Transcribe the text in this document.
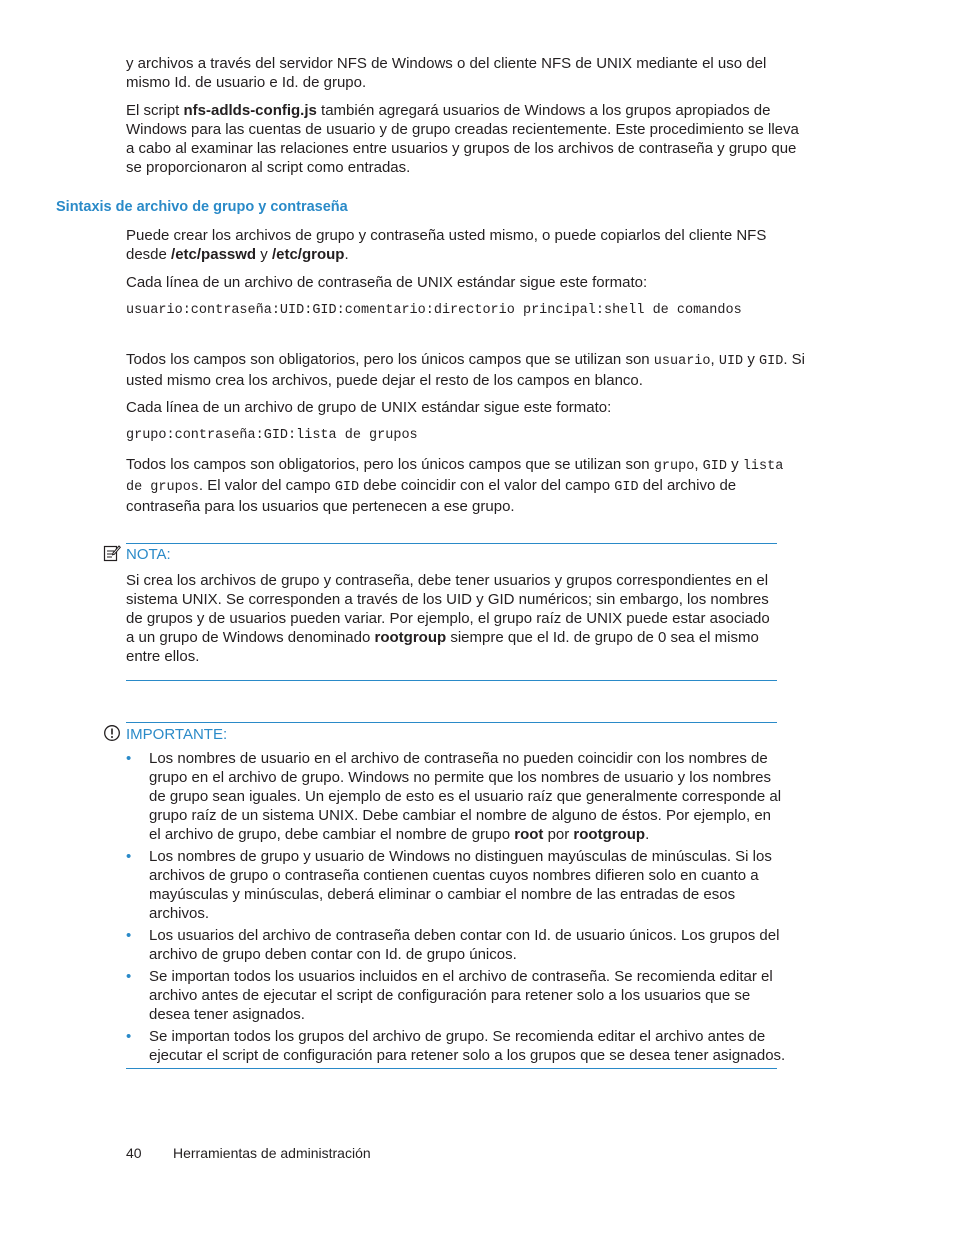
y archivos a través del servidor NFS de Windows o del cliente NFS de UNIX mediante el uso del mismo Id. de usuario e Id. de grupo.

El script nfs-adlds-config.js también agregará usuarios de Windows a los grupos apropiados de Windows para las cuentas de usuario y de grupo creadas recientemente. Este procedimiento se lleva a cabo al examinar las relaciones entre usuarios y grupos de los archivos de contraseña y grupo que se proporcionaron al script como entradas.

Sintaxis de archivo de grupo y contraseña

Puede crear los archivos de grupo y contraseña usted mismo, o puede copiarlos del cliente NFS desde /etc/passwd y /etc/group.

Cada línea de un archivo de contraseña de UNIX estándar sigue este formato:

usuario:contraseña:UID:GID:comentario:directorio principal:shell de comandos

Todos los campos son obligatorios, pero los únicos campos que se utilizan son usuario, UID y GID. Si usted mismo crea los archivos, puede dejar el resto de los campos en blanco.

Cada línea de un archivo de grupo de UNIX estándar sigue este formato:

grupo:contraseña:GID:lista de grupos

Todos los campos son obligatorios, pero los únicos campos que se utilizan son grupo, GID y lista de grupos. El valor del campo GID debe coincidir con el valor del campo GID del archivo de contraseña para los usuarios que pertenecen a ese grupo.

NOTA:

Si crea los archivos de grupo y contraseña, debe tener usuarios y grupos correspondientes en el sistema UNIX. Se corresponden a través de los UID y GID numéricos; sin embargo, los nombres de grupos y de usuarios pueden variar. Por ejemplo, el grupo raíz de UNIX puede estar asociado a un grupo de Windows denominado rootgroup siempre que el Id. de grupo de 0 sea el mismo entre ellos.

IMPORTANTE:
• Los nombres de usuario en el archivo de contraseña no pueden coincidir con los nombres de grupo en el archivo de grupo. Windows no permite que los nombres de usuario y los nombres de grupo sean iguales. Un ejemplo de esto es el usuario raíz que generalmente corresponde al grupo raíz de un sistema UNIX. Debe cambiar el nombre de alguno de éstos. Por ejemplo, en el archivo de grupo, debe cambiar el nombre de grupo root por rootgroup.
• Los nombres de grupo y usuario de Windows no distinguen mayúsculas de minúsculas. Si los archivos de grupo o contraseña contienen cuentas cuyos nombres difieren solo en cuanto a mayúsculas y minúsculas, deberá eliminar o cambiar el nombre de las entradas de esos archivos.
• Los usuarios del archivo de contraseña deben contar con Id. de usuario únicos. Los grupos del archivo de grupo deben contar con Id. de grupo únicos.
• Se importan todos los usuarios incluidos en el archivo de contraseña. Se recomienda editar el archivo antes de ejecutar el script de configuración para retener solo a los usuarios que se desea tener asignados.
• Se importan todos los grupos del archivo de grupo. Se recomienda editar el archivo antes de ejecutar el script de configuración para retener solo a los grupos que se desea tener asignados.
40 Herramientas de administración
